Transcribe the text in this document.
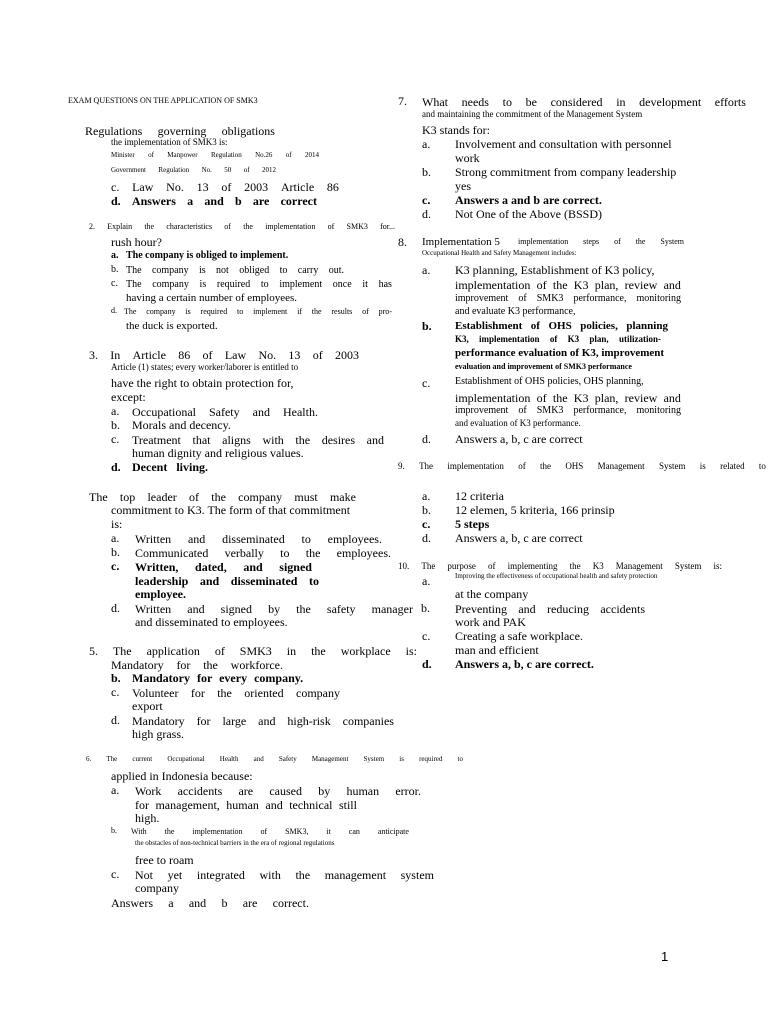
EXAM QUESTIONS ON THE APPLICATION OF SMK3
Regulations governing obligations
the implementation of SMK3 is:
Minister of Manpower Regulation No.26 of 2014
Government Regulation No. 50 of 2012
c. Law No. 13 of 2003 Article 86
d. Answers a and b are correct
2. Explain the characteristics of the implementation of SMK3 for...
rush hour?
a. The company is obliged to implement.
b. The company is not obliged to carry out.
c. The company is required to implement once it has
having a certain number of employees.
d. The company is required to implement if the results of pro-
the duck is exported.
3. In Article 86 of Law No. 13 of 2003
Article (1) states; every worker/laborer is entitled to
have the right to obtain protection for,
except:
a. Occupational Safety and Health.
b. Morals and decency.
c. Treatment that aligns with the desires and
human dignity and religious values.
d. Decent living.
The top leader of the company must make
commitment to K3. The form of that commitment
is:
a. Written and disseminated to employees.
b. Communicated verbally to the employees.
c. Written, dated, and signed
leadership and disseminated to
employee.
d. Written and signed by the safety manager
and disseminated to employees.
5. The application of SMK3 in the workplace is:
Mandatory for the workforce.
b. Mandatory for every company.
c. Volunteer for the oriented company
export
d. Mandatory for large and high-risk companies
high grass.
6. The current Occupational Health and Safety Management System is required to
applied in Indonesia because:
a. Work accidents are caused by human error.
for management, human and technical still
high.
b. With the implementation of SMK3, it can anticipate
the obstacles of non-technical barriers in the era of regional regulations
free to roam
c. Not yet integrated with the management system
company
Answers a and b are correct.
7. What needs to be considered in development efforts
and maintaining the commitment of the Management System
K3 stands for:
a. Involvement and consultation with personnel
work
b. Strong commitment from company leadership
yes
c. Answers a and b are correct.
d. Not One of the Above (BSSD)
8. Implementation 5 implementation steps of the System
Occupational Health and Safety Management includes:
a. K3 planning, Establishment of K3 policy,
implementation of the K3 plan, review and
improvement of SMK3 performance, monitoring
and evaluate K3 performance,
b. Establishment of OHS policies, planning
K3, implementation of K3 plan, utilization-
performance evaluation of K3, improvement
evaluation and improvement of SMK3 performance
c. Establishment of OHS policies, OHS planning,
implementation of the K3 plan, review and
improvement of SMK3 performance, monitoring
and evaluation of K3 performance.
d. Answers a, b, c are correct
9. The implementation of the OHS Management System is related to
a. 12 criteria
b. 12 elemen, 5 kriteria, 166 prinsip
c. 5 steps
d. Answers a, b, c are correct
10. The purpose of implementing the K3 Management System is:
a.	Improving the effectiveness of occupational health and safety protection
at the company
b. Preventing and reducing accidents
work and PAK
c. Creating a safe workplace.
man and efficient
d. Answers a, b, c are correct.
1
